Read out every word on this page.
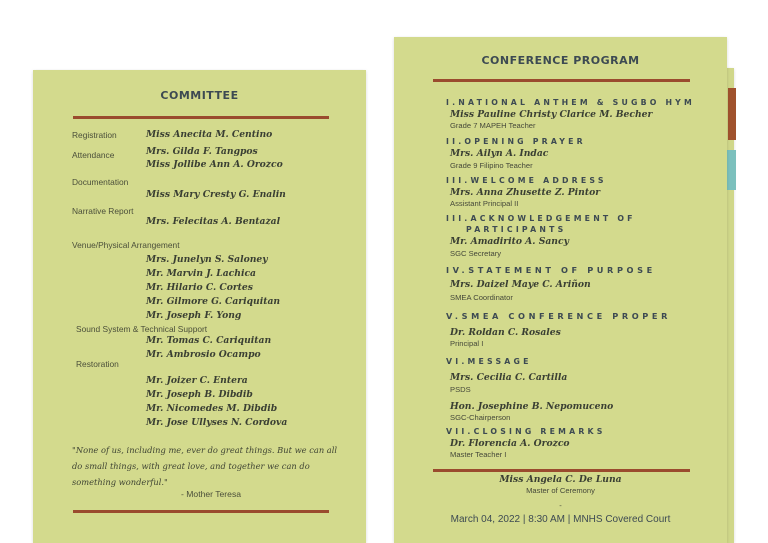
COMMITTEE
Registration	Miss Anecita M. Centino
Attendance	Mrs. Gilda F. Tangpos
Miss Jollibe Ann A. Orozco
Documentation
Miss Mary Cresty G. Enalin
Narrative Report
Mrs. Felecitas A. Bentazal
Venue/Physical Arrangement
Mrs. Junelyn S. Saloney
Mr. Marvin J. Lachica
Mr. Hilario C. Cortes
Mr. Gilmore G. Cariquitan
Mr. Joseph F. Yong
Sound System & Technical Support
Mr. Tomas C. Cariquitan
Mr. Ambrosio Ocampo
Restoration
Mr. Joizer C. Entera
Mr. Joseph B. Dibdib
Mr. Nicomedes M. Dibdib
Mr. Jose Ullyses N. Cordova
"None of us, including me, ever do great things. But we can all
do small things, with great love, and together we can do
something wonderful."
- Mother Teresa
CONFERENCE PROGRAM
I.NATIONAL ANTHEM & SUGBO HYM
Miss Pauline Christy Clarice M. Becher
Grade 7 MAPEH Teacher
II.OPENING PRAYER
Mrs. Ailyn A. Indac
Grade 9 Filipino Teacher
III.WELCOME ADDRESS
Mrs. Anna Zhusette Z. Pintor
Assistant Principal II
III.ACKNOWLEDGEMENT OF
PARTICIPANTS
Mr. Amadirito A. Sancy
SGC Secretary
IV.STATEMENT OF PURPOSE
Mrs. Daizel Maye C. Ariñon
SMEA Coordinator
V.SMEA CONFERENCE PROPER
Dr. Roldan C. Rosales
Principal I
VI.MESSAGE
Mrs. Cecilia C. Cartilla
PSDS
Hon. Josephine B. Nepomuceno
SGC-Chairperson
VII.CLOSING REMARKS
Dr. Florencia A. Orozco
Master Teacher I
Miss Angela C. De Luna
Master of Ceremony
-
March 04, 2022 | 8:30 AM | MNHS Covered Court
